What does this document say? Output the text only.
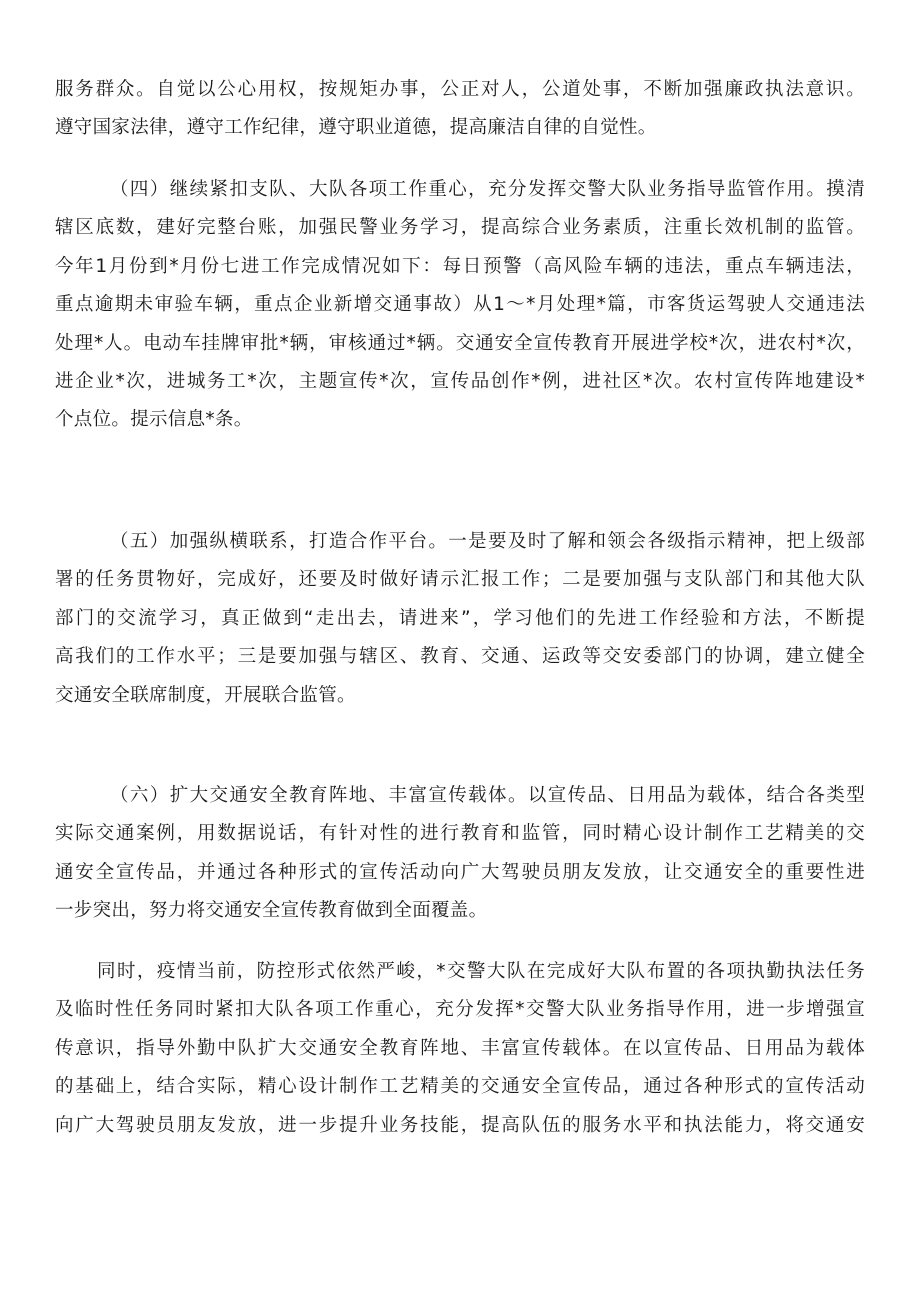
服务群众。自觉以公心用权，按规矩办事，公正对人，公道处事，不断加强廉政执法意识。
遵守国家法律，遵守工作纪律，遵守职业道德，提高廉洁自律的自觉性。
（四）继续紧扣支队、大队各项工作重心，充分发挥交警大队业务指导监管作用。摸清
辖区底数，建好完整台账，加强民警业务学习，提高综合业务素质，注重长效机制的监管。
今年1月份到*月份七进工作完成情况如下：每日预警（高风险车辆的违法，重点车辆违法，
重点逾期未审验车辆，重点企业新增交通事故）从1～*月处理*篇，市客货运驾驶人交通违法
处理*人。电动车挂牌审批*辆，审核通过*辆。交通安全宣传教育开展进学校*次，进农村*次，
进企业*次，进城务工*次，主题宣传*次，宣传品创作*例，进社区*次。农村宣传阵地建设*
个点位。提示信息*条。
（五）加强纵横联系，打造合作平台。一是要及时了解和领会各级指示精神，把上级部
署的任务贯物好，完成好，还要及时做好请示汇报工作；二是要加强与支队部门和其他大队
部门的交流学习，真正做到“走出去，请进来”，学习他们的先进工作经验和方法，不断提
高我们的工作水平；三是要加强与辖区、教育、交通、运政等交安委部门的协调，建立健全
交通安全联席制度，开展联合监管。
（六）扩大交通安全教育阵地、丰富宣传载体。以宣传品、日用品为载体，结合各类型
实际交通案例，用数据说话，有针对性的进行教育和监管，同时精心设计制作工艺精美的交
通安全宣传品，并通过各种形式的宣传活动向广大驾驶员朋友发放，让交通安全的重要性进
一步突出，努力将交通安全宣传教育做到全面覆盖。
同时，疫情当前，防控形式依然严峻，*交警大队在完成好大队布置的各项执勤执法任务
及临时性任务同时紧扣大队各项工作重心，充分发挥*交警大队业务指导作用，进一步增强宣
传意识，指导外勤中队扩大交通安全教育阵地、丰富宣传载体。在以宣传品、日用品为载体
的基础上，结合实际，精心设计制作工艺精美的交通安全宣传品，通过各种形式的宣传活动
向广大驾驶员朋友发放，进一步提升业务技能，提高队伍的服务水平和执法能力，将交通安
